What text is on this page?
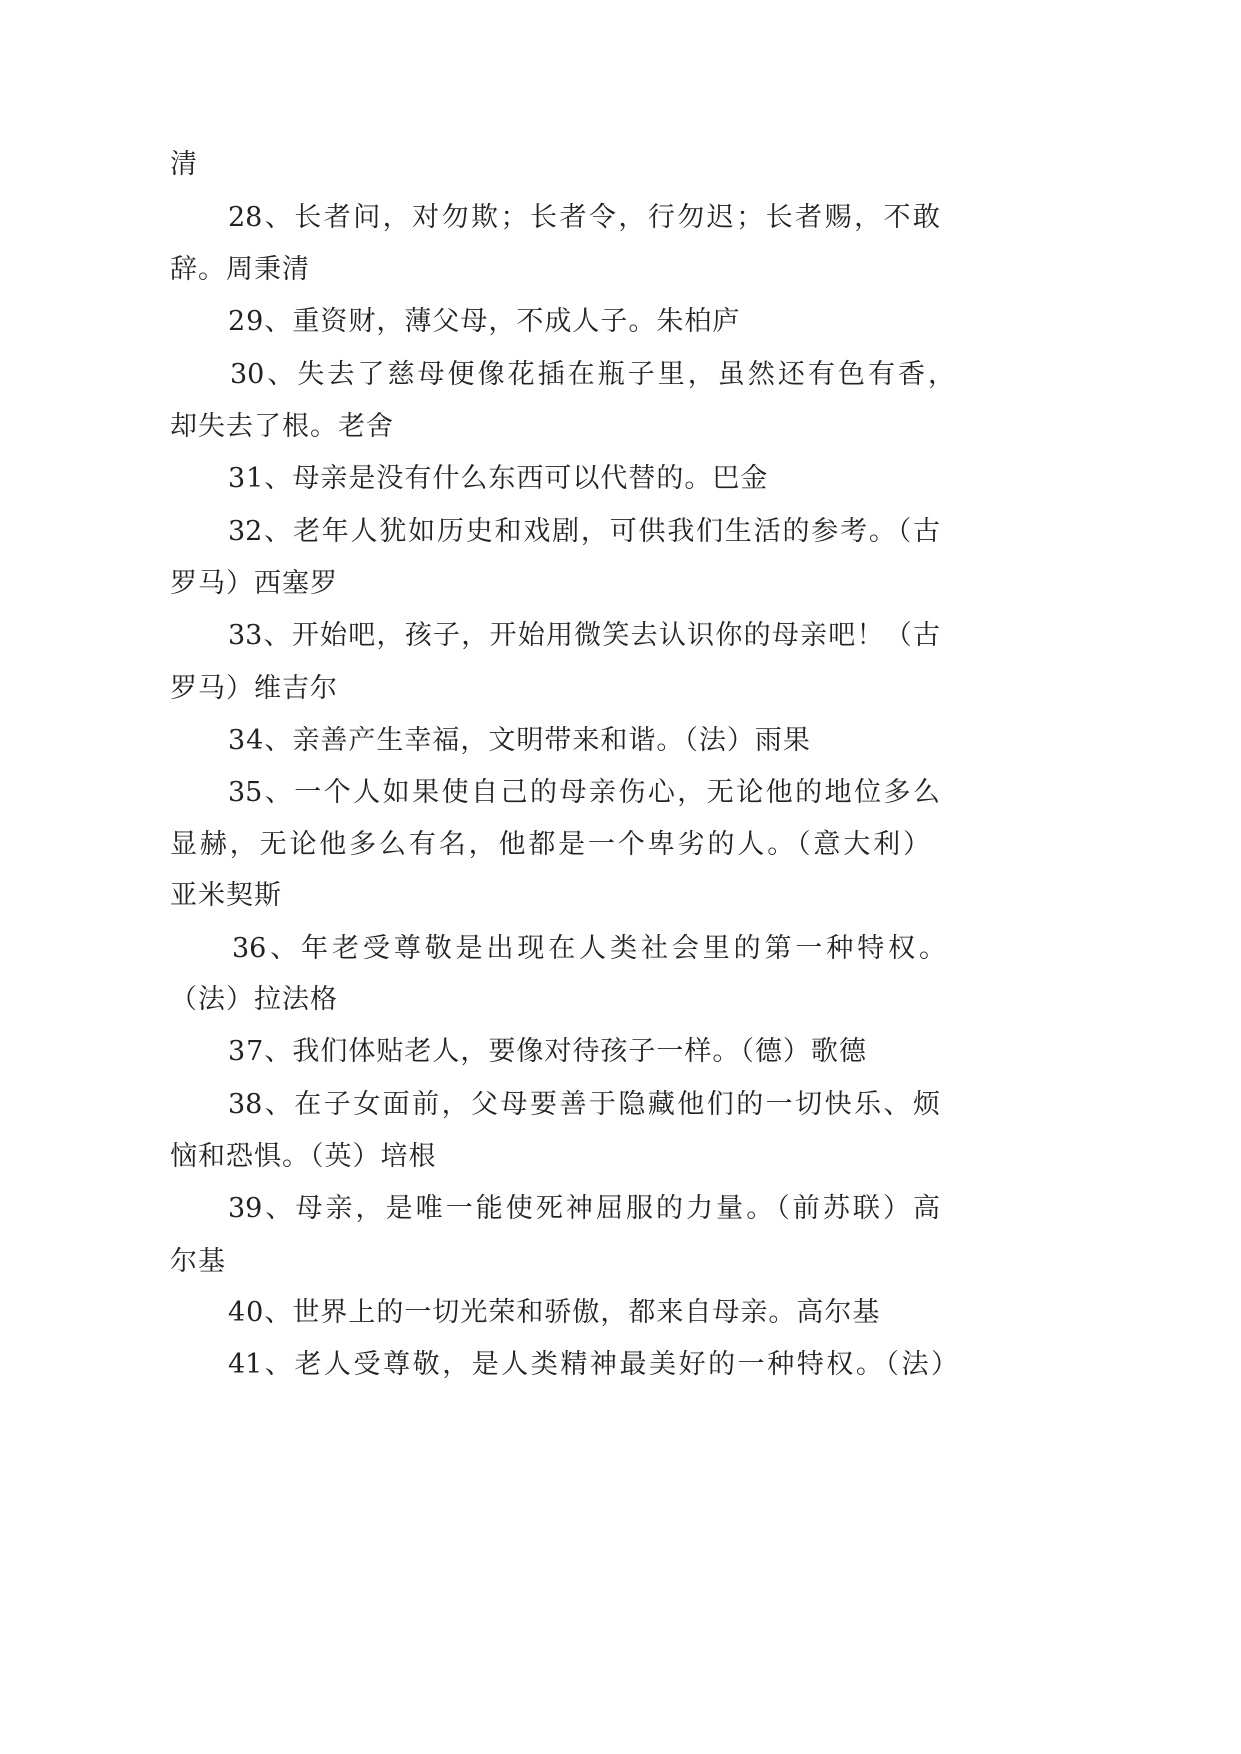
清
28、长者问，对勿欺；长者令，行勿迟；长者赐，不敢
辞。周秉清
29、重资财，薄父母，不成人子。朱柏庐
30、失去了慈母便像花插在瓶子里，虽然还有色有香，
却失去了根。老舍
31、母亲是没有什么东西可以代替的。巴金
32、老年人犹如历史和戏剧，可供我们生活的参考。（古
罗马）西塞罗
33、开始吧，孩子，开始用微笑去认识你的母亲吧！（古
罗马）维吉尔
34、亲善产生幸福，文明带来和谐。（法）雨果
35、一个人如果使自己的母亲伤心，无论他的地位多么
显赫，无论他多么有名，他都是一个卑劣的人。（意大利）
亚米契斯
36、年老受尊敬是出现在人类社会里的第一种特权。
（法）拉法格
37、我们体贴老人，要像对待孩子一样。（德）歌德
38、在子女面前，父母要善于隐藏他们的一切快乐、烦
恼和恐惧。（英）培根
39、母亲，是唯一能使死神屈服的力量。（前苏联）高
尔基
40、世界上的一切光荣和骄傲，都来自母亲。高尔基
41、老人受尊敬，是人类精神最美好的一种特权。（法）
